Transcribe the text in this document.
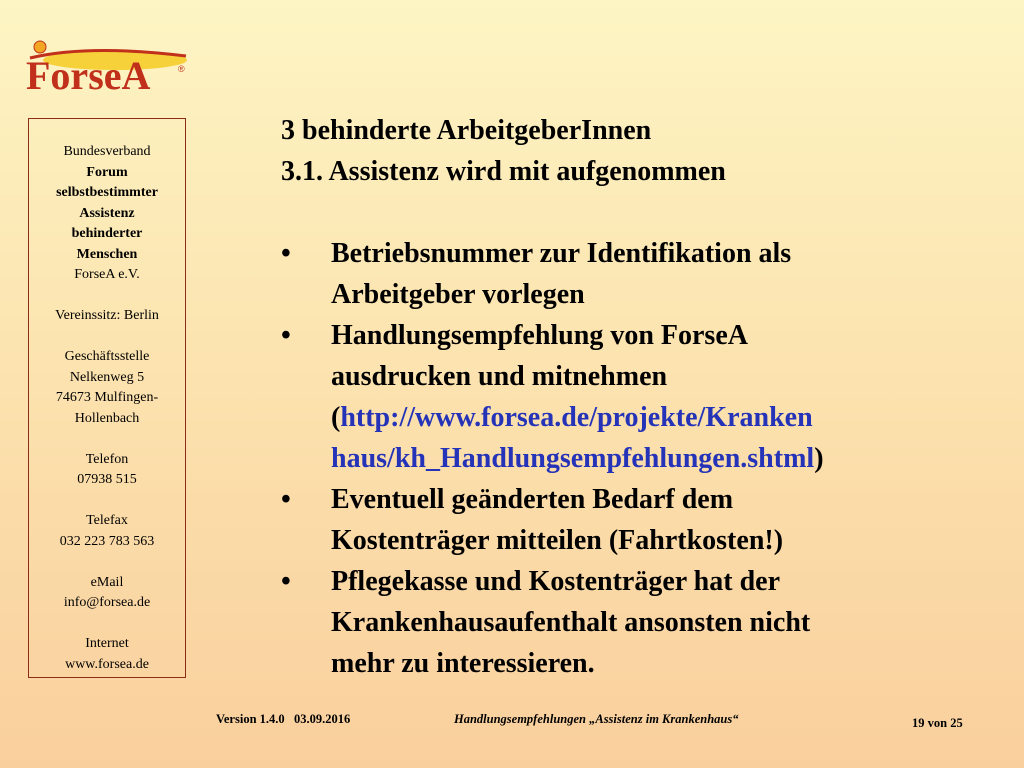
ForseA	®
Bundesverband
Forum
selbstbestimmter
Assistenz
behinderter
Menschen
ForseA e.V.
Vereinssitz: Berlin
Geschäftsstelle
Nelkenweg 5
74673 Mulfingen-
Hollenbach
Telefon
07938 515
Telefax
032 223 783 563
eMail
info@forsea.de
Internet
www.forsea.de
3 behinderte ArbeitgeberInnen
3.1. Assistenz wird mit aufgenommen
• Betriebsnummer zur Identifikation als
Arbeitgeber vorlegen
• Handlungsempfehlung von ForseA
ausdrucken und mitnehmen
(http://www.forsea.de/projekte/Kranken
haus/kh_Handlungsempfehlungen.shtml)
• Eventuell geänderten Bedarf dem
Kostenträger mitteilen (Fahrtkosten!)
• Pflegekasse und Kostenträger hat der
Krankenhausaufenthalt ansonsten nicht
mehr zu interessieren.
Version 1.4.0 03.09.2016	Handlungsempfehlungen „Assistenz im Krankenhaus“	19 von 25
